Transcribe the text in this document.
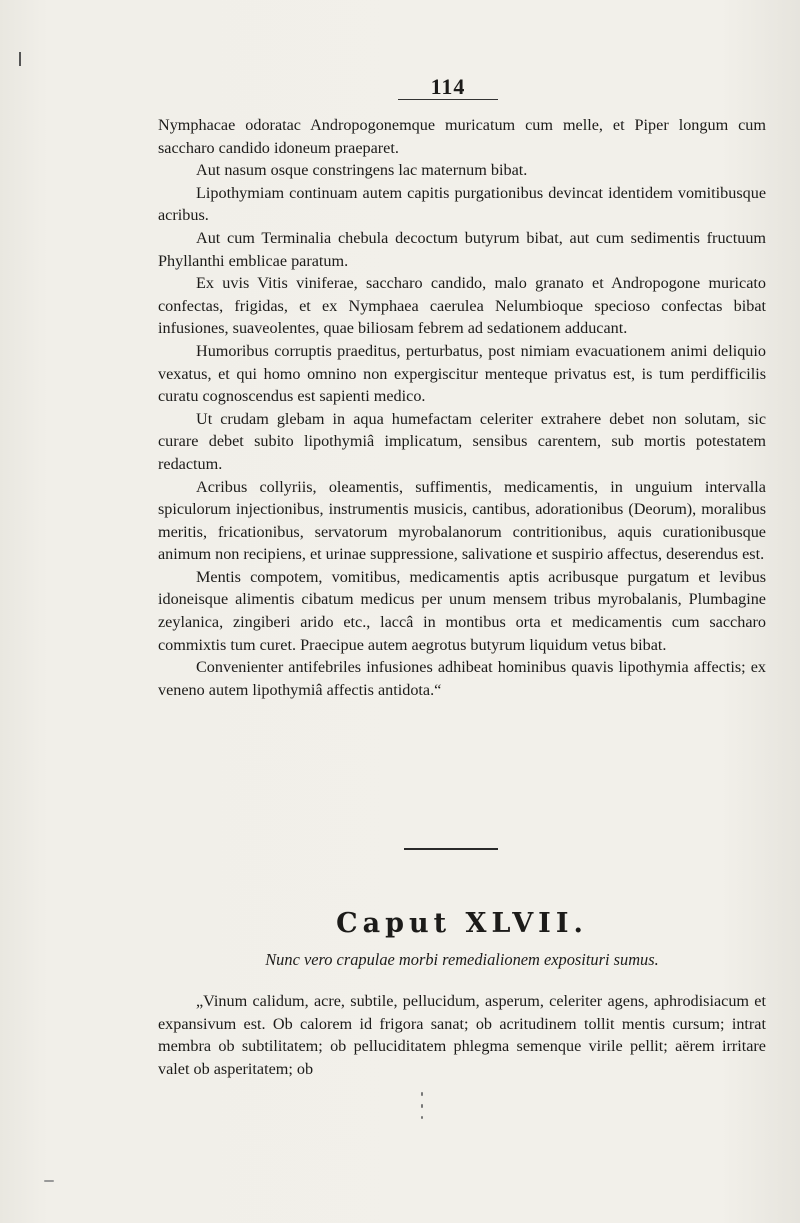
114

Nymphacae odoratac Andropogonemque muricatum cum melle, et Piper longum cum saccharo candido idoneum praeparet.

Aut nasum osque constringens lac maternum bibat.

Lipothymiam continuam autem capitis purgationibus devincat identidem vomitibusque acribus.

Aut cum Terminalia chebula decoctum butyrum bibat, aut cum sedimentis fructuum Phyllanthi emblicae paratum.

Ex uvis Vitis viniferae, saccharo candido, malo granato et Andropogone muricato confectas, frigidas, et ex Nymphaea caerulea Nelumbioque specioso confectas bibat infusiones, suaveolentes, quae biliosam febrem ad sedationem adducant.

Humoribus corruptis praeditus, perturbatus, post nimiam evacuationem animi deliquio vexatus, et qui homo omnino non expergiscitur menteque privatus est, is tum perdifficilis curatu cognoscendus est sapienti medico.

Ut crudam glebam in aqua humefactam celeriter extrahere debet non solutam, sic curare debet subito lipothymiâ implicatum, sensibus carentem, sub mortis potestatem redactum.

Acribus collyriis, oleamentis, suffimentis, medicamentis, in unguium intervalla spiculorum injectionibus, instrumentis musicis, cantibus, adorationibus (Deorum), moralibus meritis, fricationibus, servatorum myrobalanorum contritionibus, aquis curationibusque animum non recipiens, et urinae suppressione, salivatione et suspirio affectus, deserendus est.

Mentis compotem, vomitibus, medicamentis aptis acribusque purgatum et levibus idoneisque alimentis cibatum medicus per unum mensem tribus myrobalanis, Plumbagine zeylanica, zingiberi arido etc., laccâ in montibus orta et medicamentis cum saccharo commixtis tum curet. Praecipue autem aegrotus butyrum liquidum vetus bibat.

Convenienter antifebriles infusiones adhibeat hominibus quavis lipothymia affectis; ex veneno autem lipothymiâ affectis antidota.“

Caput XLVII.
Nunc vero crapulae morbi remedialionem exposituri sumus.

„Vinum calidum, acre, subtile, pellucidum, asperum, celeriter agens, aphrodisiacum et expansivum est. Ob calorem id frigora sanat; ob acritudinem tollit mentis cursum; intrat membra ob subtilitatem; ob pelluciditatem phlegma semenque virile pellit; aërem irritare valet ob asperitatem; ob
